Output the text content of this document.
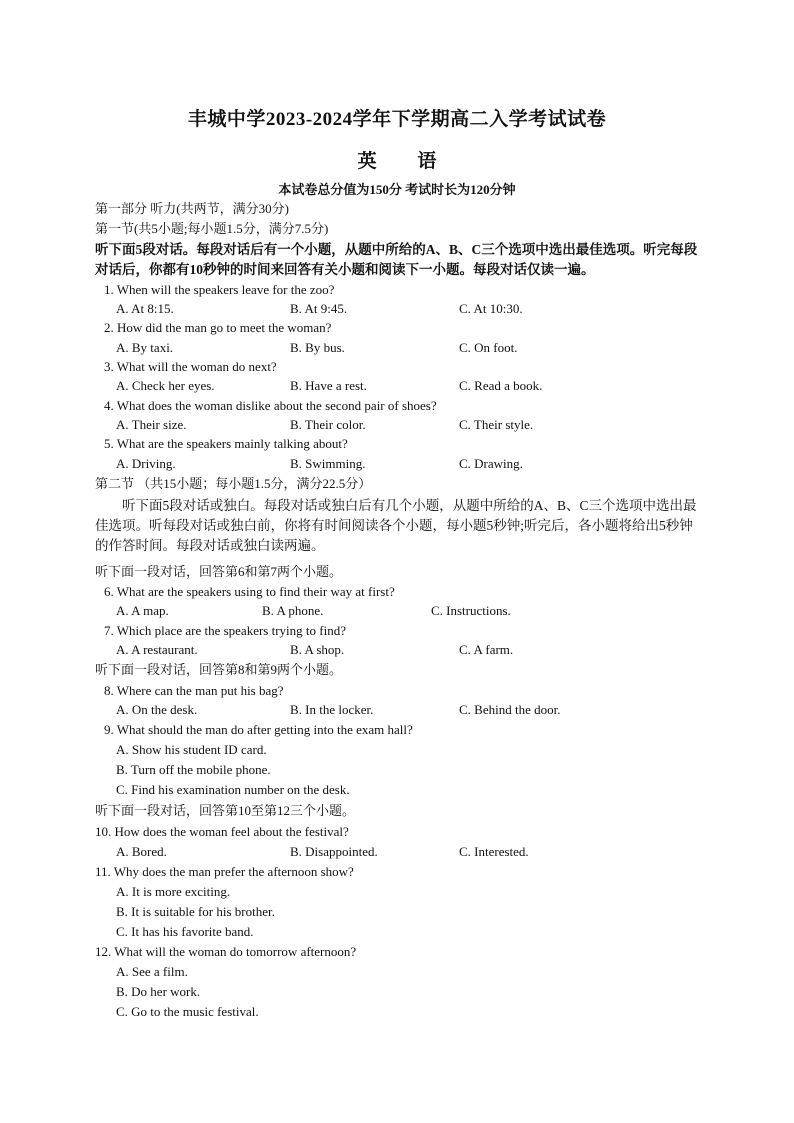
丰城中学2023-2024学年下学期高二入学考试试卷
英 语
本试卷总分值为150分 考试时长为120分钟
第一部分 听力(共两节，满分30分)
第一节(共5小题;每小题1.5分，满分7.5分)
听下面5段对话。每段对话后有一个小题，从题中所给的A、B、C三个选项中选出最佳选项。听完每段对话后，你都有10秒钟的时间来回答有关小题和阅读下一小题。每段对话仅读一遍。
1. When will the speakers leave for the zoo?
A. At 8:15.	B. At 9:45.	C. At 10:30.
2. How did the man go to meet the woman?
A. By taxi.	B. By bus.	C. On foot.
3. What will the woman do next?
A. Check her eyes.	B. Have a rest.	C. Read a book.
4. What does the woman dislike about the second pair of shoes?
A. Their size.	B. Their color.	C. Their style.
5. What are the speakers mainly talking about?
A. Driving.	B. Swimming.	C. Drawing.
第二节 （共15小题；每小题1.5分，满分22.5分）
听下面5段对话或独白。每段对话或独白后有几个小题，从题中所给的A、B、C三个选项中选出最佳选项。听每段对话或独白前，你将有时间阅读各个小题，每小题5秒钟;听完后，各小题将给出5秒钟的作答时间。每段对话或独白读两遍。
听下面一段对话，回答第6和第7两个小题。
6. What are the speakers using to find their way at first?
A. A map.	B. A phone.	C. Instructions.
7. Which place are the speakers trying to find?
A. A restaurant.	B. A shop.	C. A farm.
听下面一段对话，回答第8和第9两个小题。
8. Where can the man put his bag?
A. On the desk.	B. In the locker.	C. Behind the door.
9. What should the man do after getting into the exam hall?
A. Show his student ID card.
B. Turn off the mobile phone.
C. Find his examination number on the desk.
听下面一段对话，回答第10至第12三个小题。
10. How does the woman feel about the festival?
A. Bored.	B. Disappointed.	C. Interested.
11. Why does the man prefer the afternoon show?
A. It is more exciting.
B. It is suitable for his brother.
C. It has his favorite band.
12. What will the woman do tomorrow afternoon?
A. See a film.
B. Do her work.
C. Go to the music festival.
